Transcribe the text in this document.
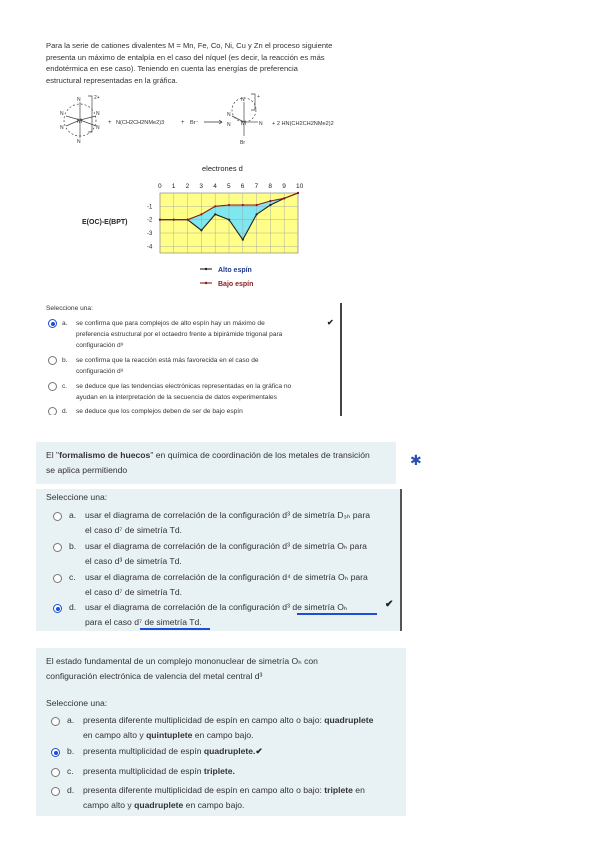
Para la serie de cationes divalentes M = Mn, Fe, Co, Ni, Cu y Zn el proceso siguiente
presenta un máximo de entalpía en el caso del níquel (es decir, la reacción es más
endotérmica en ese caso). Teniendo en cuenta las energías de preferencia
estructural representadas en la gráfica.
M
N
N	N
N	N
N
2+
+ N(CH2CH2NMe2)3	+ Br⁻	M
N
N
N	N
Br
+
+ 2 HN(CH2CH2NMe2)2
electrones d
E(OC)-E(BPT)
0 1 2 3 4 5 6 7 8 9 10
-1
-2
-3
-4
Alto espín
Bajo espín
Seleccione una:
a.	se confirma que para complejos de alto espín hay un máximo de
preferencia estructural por el octaedro frente a bipirámide trigonal para
configuración d⁸
✔
b.	se confirma que la reacción está más favorecida en el caso de
configuración d⁸
c.	se deduce que las tendencias electrónicas representadas en la gráfica no
ayudan en la interpretación de la secuencia de datos experimentales
d.	se deduce que los complejos deben de ser de bajo espín
El "formalismo de huecos" en química de coordinación de los metales de transición
se aplica permitiendo
✱
Seleccione una:
a.	usar el diagrama de correlación de la configuración d³ de simetría D₃ₕ para
el caso d⁷ de simetría Td.
b.	usar el diagrama de correlación de la configuración d³ de simetría Oₕ para
el caso d³ de simetría Td.
c.	usar el diagrama de correlación de la configuración d⁴ de simetría Oₕ para
el caso d⁷ de simetría Td.
d.	usar el diagrama de correlación de la configuración d³ de simetría Oₕ
para el caso d⁷ de simetría Td.
✔
El estado fundamental de un complejo mononuclear de simetría Oₕ con
configuración electrónica de valencia del metal central d³
Seleccione una:
a.	presenta diferente multiplicidad de espín en campo alto o bajo: quadruplete
en campo alto y quintuplete en campo bajo.
b.	presenta multiplicidad de espín quadruplete.✔
c.	presenta multiplicidad de espín triplete.
d.	presenta diferente multiplicidad de espín en campo alto o bajo: triplete en
campo alto y quadruplete en campo bajo.
